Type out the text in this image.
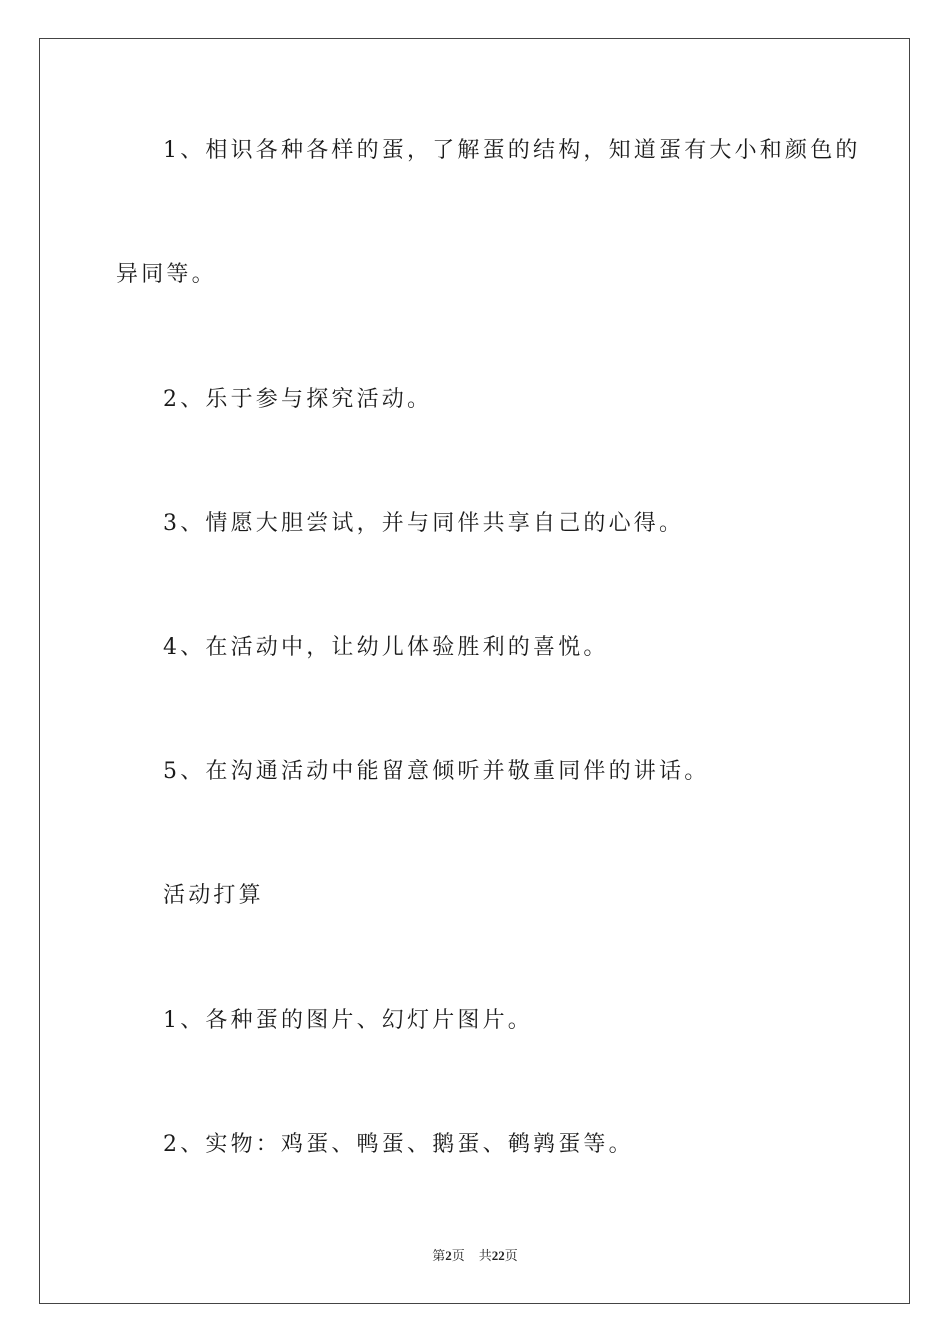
1、相识各种各样的蛋，了解蛋的结构，知道蛋有大小和颜色的

异同等。

2、乐于参与探究活动。

3、情愿大胆尝试，并与同伴共享自己的心得。

4、在活动中，让幼儿体验胜利的喜悦。

5、在沟通活动中能留意倾听并敬重同伴的讲话。

活动打算

1、各种蛋的图片、幻灯片图片。

2、实物：鸡蛋、鸭蛋、鹅蛋、鹌鹑蛋等。

第2页 共22页
